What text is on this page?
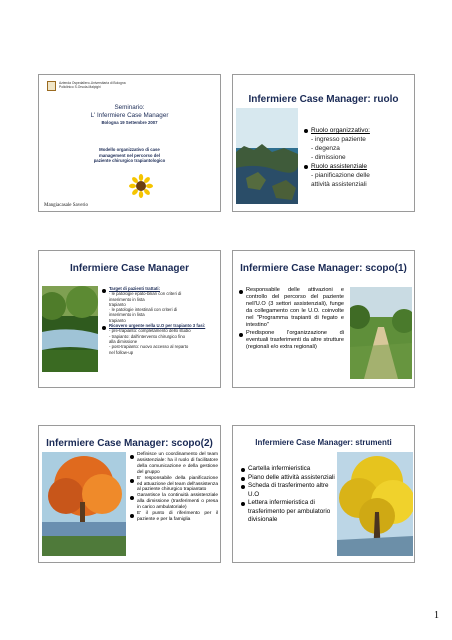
Azienda Ospedaliero-Universitaria di Bologna
Policlinico S.Orsola-Malpighi
Seminario:
L' Infermiere Case Manager
Bologna 19 Settembre 2007
Modello organizzativo di case
management nel percorso del
paziente chirurgico trapiantologico
Mangiacasale Saverio
Infermiere Case Manager: ruolo
Ruolo organizzativo:
- ingresso paziente
- degenza
- dimissione
Ruolo assistenziale
- pianificazione delle
attività assistenziali
Infermiere Case Manager
Target di pazienti trattati:
· le patologie epato-biliari con criteri di
inserimento in lista
trapianto
· le patologie intestinali con criteri di
inserimento in lista
trapianto
Ricovero urgente nella U.O per trapianto 3 fasi:
- pre-trapianto: completamento dello studio
- trapianto: dall'intervento chirurgico fino
alla dimissione
- post-trapianto: nuovo accesso al reparto
nel follow-up
Infermiere Case Manager: scopo(1)
Responsabile delle attivazioni e controllo del percorso del paziente nell'U.O (3 settori assistenziali), funge da collegamento con le U.O. coinvolte nel "Programma trapianti di fegato e intestino"
Predispone l'organizzazione di eventuali trasferimenti da altre strutture (regionali e/o extra regionali)
Infermiere Case Manager: scopo(2)
Definisce un coordinamento del team assistenziale: ha il ruolo di facilitatore della comunicazione e della gestione del gruppo
E' responsabile della pianificazione ed attuazione del team dell'assistenza al paziente chirurgico trapiantato
Garantisce la continuità assistenziale alla dimissione (trasferimenti o presa in carico ambulatoriale)
E' il punto di riferimento per il paziente e per la famiglia
Infermiere Case Manager: strumenti
Cartella infermieristica
Piano delle attività assistenziali
Scheda di trasferimento altre U.O
Lettera infermieristica di trasferimento per ambulatorio divisionale
1
